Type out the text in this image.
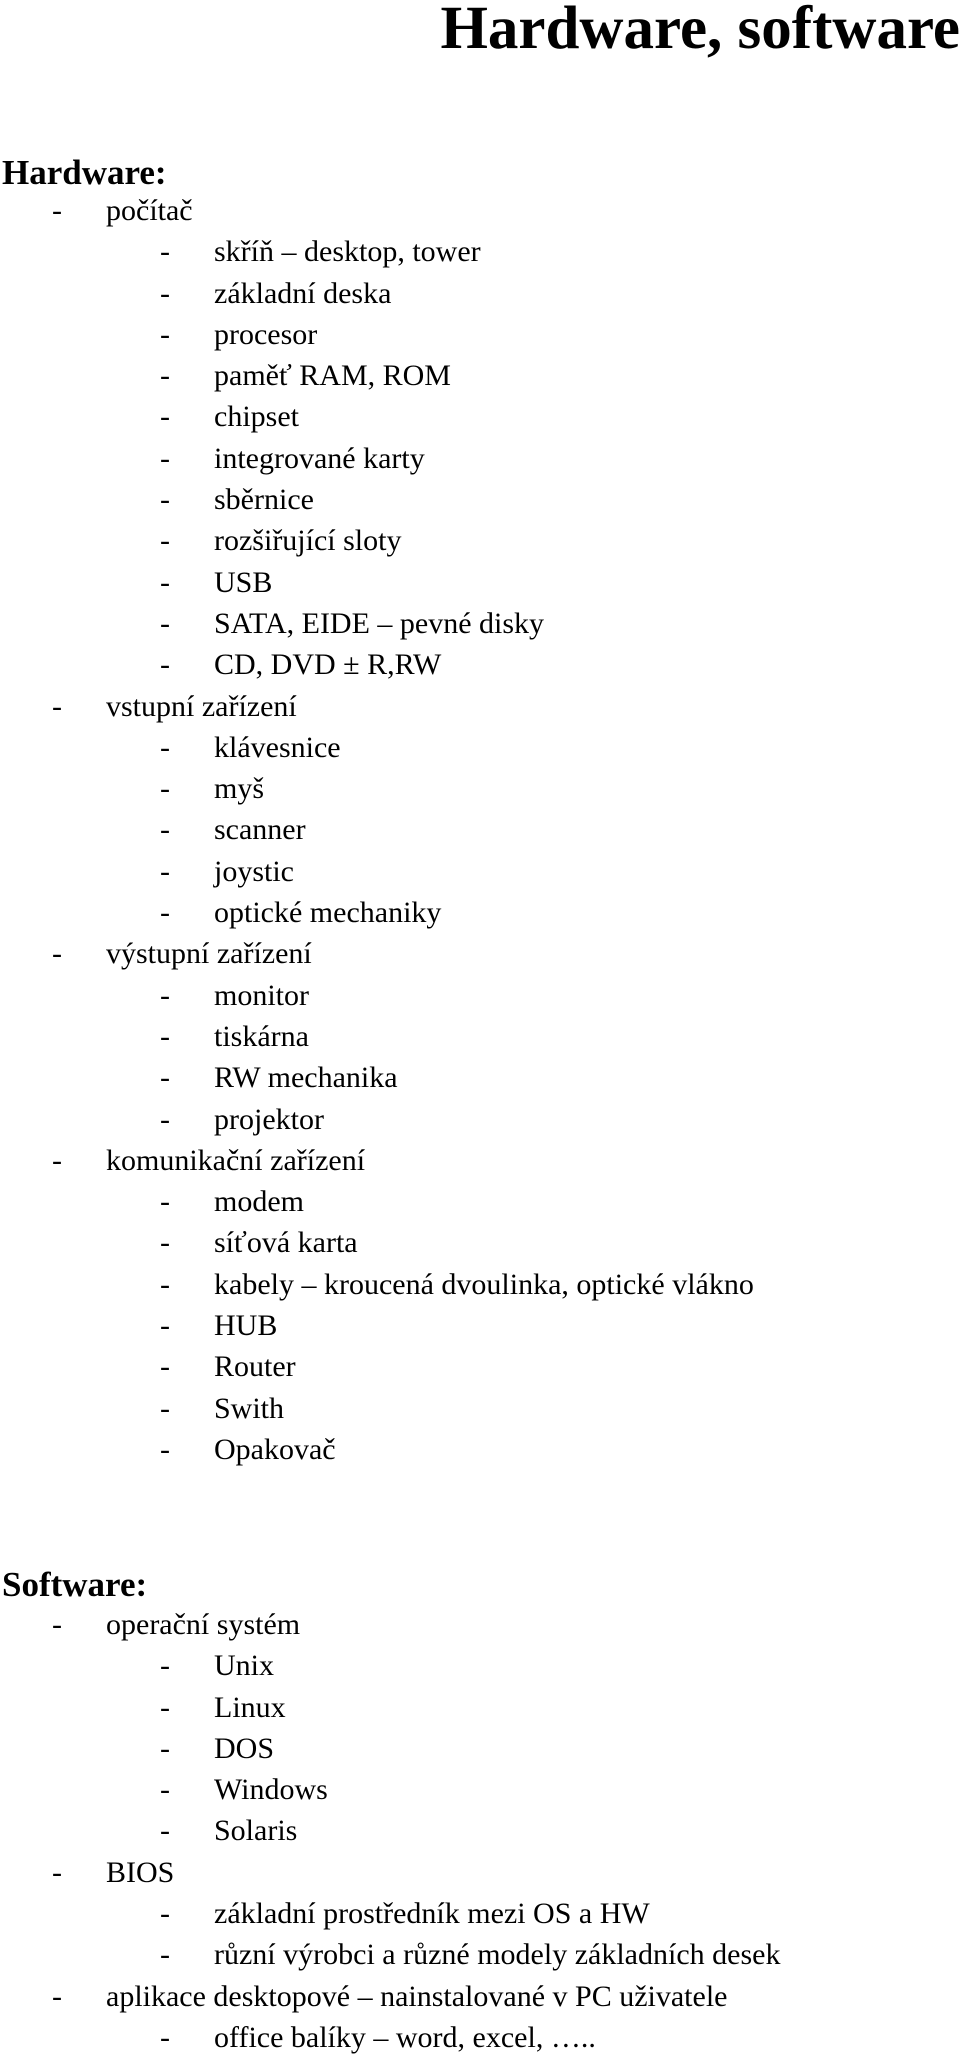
Hardware, software
Hardware:
- počítač
- skříň – desktop, tower
- základní deska
- procesor
- paměť RAM, ROM
- chipset
- integrované karty
- sběrnice
- rozšiřující sloty
- USB
- SATA, EIDE – pevné disky
- CD, DVD ± R,RW
- vstupní zařízení
- klávesnice
- myš
- scanner
- joystic
- optické mechaniky
- výstupní zařízení
- monitor
- tiskárna
- RW mechanika
- projektor
- komunikační zařízení
- modem
- síťová karta
- kabely – kroucená dvoulinka, optické vlákno
- HUB
- Router
- Swith
- Opakovač
Software:
- operační systém
- Unix
- Linux
- DOS
- Windows
- Solaris
- BIOS
- základní prostředník mezi OS a HW
- různí výrobci a různé modely základních desek
- aplikace desktopové – nainstalované v PC uživatele
- office balíky – word, excel, …..
